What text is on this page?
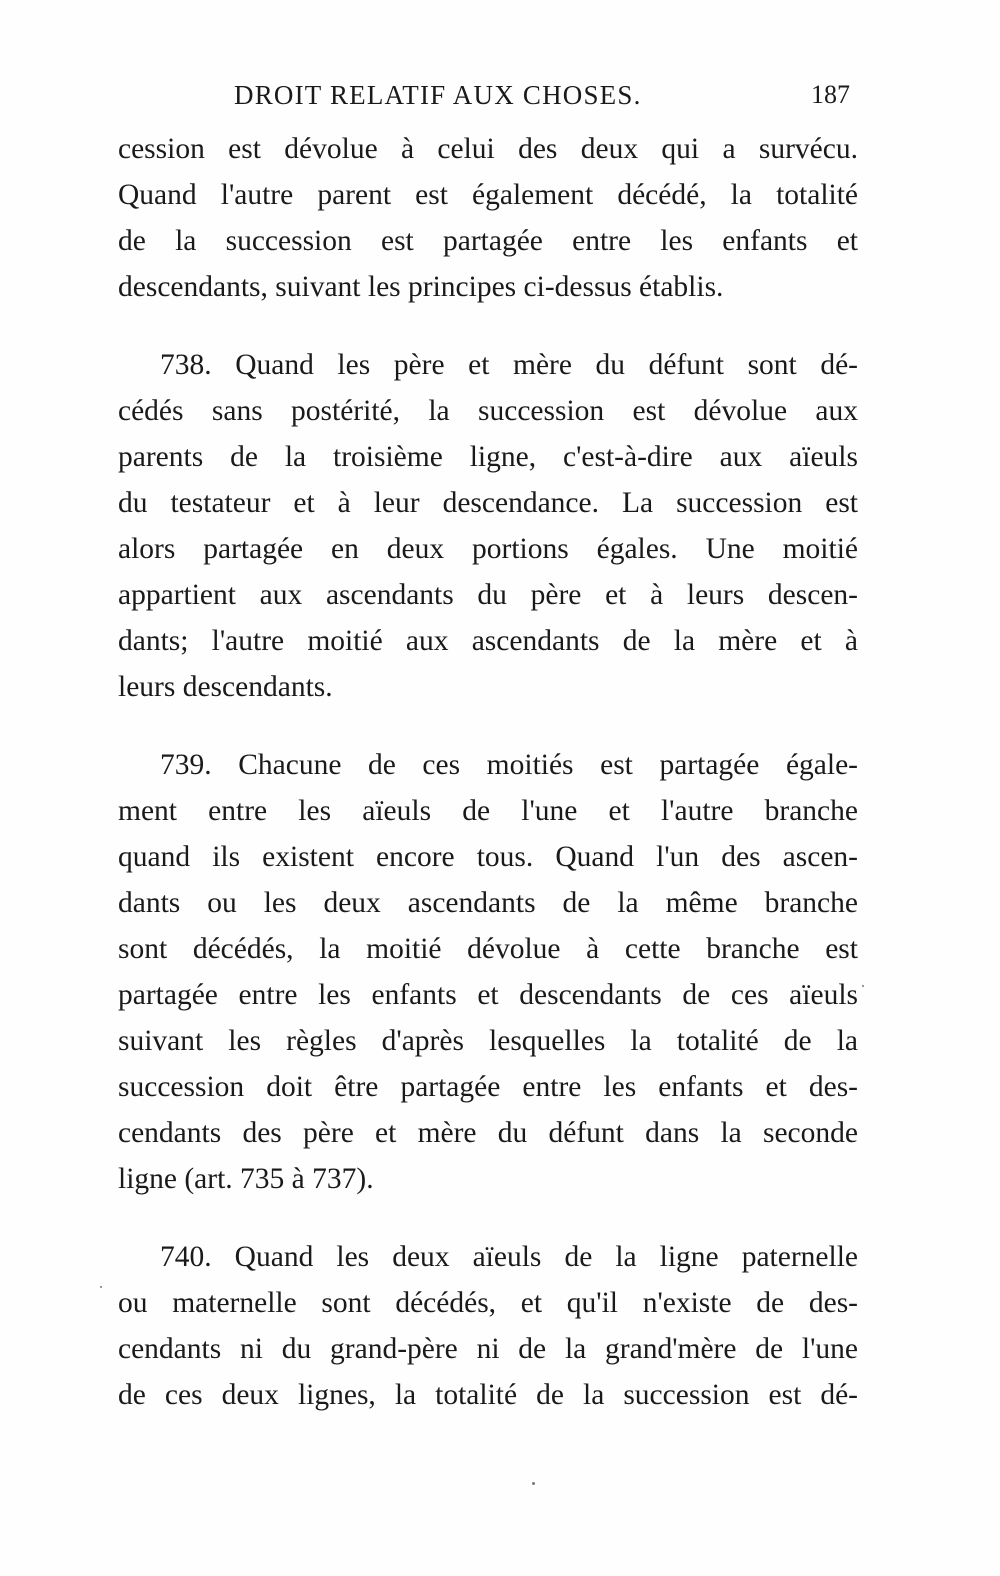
DROIT RELATIF AUX CHOSES.	187
cession est dévolue à celui des deux qui a survécu.
Quand l'autre parent est également décédé, la totalité
de la succession est partagée entre les enfants et
descendants, suivant les principes ci-dessus établis.
738. Quand les père et mère du défunt sont dé-
cédés sans postérité, la succession est dévolue aux
parents de la troisième ligne, c'est-à-dire aux aïeuls
du testateur et à leur descendance. La succession est
alors partagée en deux portions égales. Une moitié
appartient aux ascendants du père et à leurs descen-
dants; l'autre moitié aux ascendants de la mère et à
leurs descendants.
739. Chacune de ces moitiés est partagée égale-
ment entre les aïeuls de l'une et l'autre branche
quand ils existent encore tous. Quand l'un des ascen-
dants ou les deux ascendants de la même branche
sont décédés, la moitié dévolue à cette branche est
partagée entre les enfants et descendants de ces aïeuls
suivant les règles d'après lesquelles la totalité de la
succession doit être partagée entre les enfants et des-
cendants des père et mère du défunt dans la seconde
ligne (art. 735 à 737).
740. Quand les deux aïeuls de la ligne paternelle
ou maternelle sont décédés, et qu'il n'existe de des-
cendants ni du grand-père ni de la grand'mère de l'une
de ces deux lignes, la totalité de la succession est dé-
